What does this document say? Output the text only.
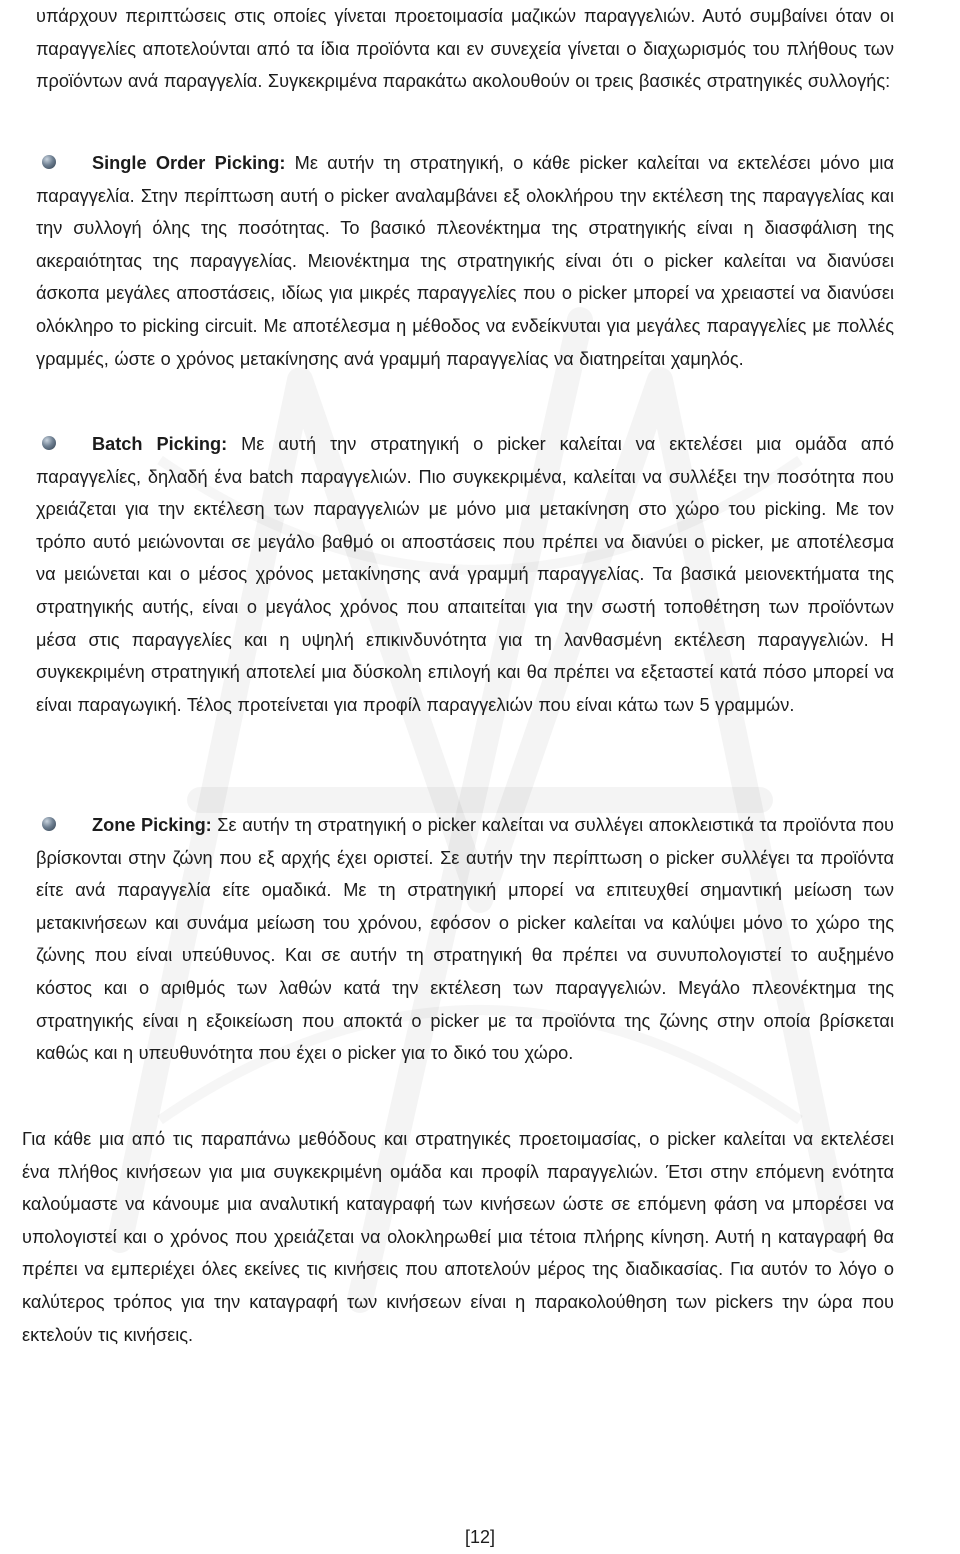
υπάρχουν περιπτώσεις στις οποίες γίνεται προετοιμασία μαζικών παραγγελιών. Αυτό συμβαίνει όταν οι παραγγελίες αποτελούνται από τα ίδια προϊόντα και εν συνεχεία γίνεται ο διαχωρισμός του πλήθους των προϊόντων ανά παραγγελία. Συγκεκριμένα παρακάτω ακολουθούν οι τρεις βασικές στρατηγικές συλλογής:

Single Order Picking: Με αυτήν τη στρατηγική, ο κάθε picker καλείται να εκτελέσει μόνο μια παραγγελία. Στην περίπτωση αυτή ο picker αναλαμβάνει εξ ολοκλήρου την εκτέλεση της παραγγελίας και την συλλογή όλης της ποσότητας. Το βασικό πλεονέκτημα της στρατηγικής είναι η διασφάλιση της ακεραιότητας της παραγγελίας. Μειονέκτημα της στρατηγικής είναι ότι ο picker καλείται να διανύσει άσκοπα μεγάλες αποστάσεις, ιδίως για μικρές παραγγελίες που ο picker μπορεί να χρειαστεί να διανύσει ολόκληρο το picking circuit. Με αποτέλεσμα η μέθοδος να ενδείκνυται για μεγάλες παραγγελίες με πολλές γραμμές, ώστε ο χρόνος μετακίνησης ανά γραμμή παραγγελίας να διατηρείται χαμηλός.

Batch Picking: Με αυτή την στρατηγική ο picker καλείται να εκτελέσει μια ομάδα από παραγγελίες, δηλαδή ένα batch παραγγελιών. Πιο συγκεκριμένα, καλείται να συλλέξει την ποσότητα που χρειάζεται για την εκτέλεση των παραγγελιών με μόνο μια μετακίνηση στο χώρο του picking. Με τον τρόπο αυτό μειώνονται σε μεγάλο βαθμό οι αποστάσεις που πρέπει να διανύει ο picker, με αποτέλεσμα να μειώνεται και ο μέσος χρόνος μετακίνησης ανά γραμμή παραγγελίας. Τα βασικά μειονεκτήματα της στρατηγικής αυτής, είναι ο μεγάλος χρόνος που απαιτείται για την σωστή τοποθέτηση των προϊόντων μέσα στις παραγγελίες και η υψηλή επικινδυνότητα για τη λανθασμένη εκτέλεση παραγγελιών. Η συγκεκριμένη στρατηγική αποτελεί μια δύσκολη επιλογή και θα πρέπει να εξεταστεί κατά πόσο μπορεί να είναι παραγωγική. Τέλος προτείνεται για προφίλ παραγγελιών που είναι κάτω των 5 γραμμών.

Zone Picking: Σε αυτήν τη στρατηγική ο picker καλείται να συλλέγει αποκλειστικά τα προϊόντα που βρίσκονται στην ζώνη που εξ αρχής έχει οριστεί. Σε αυτήν την περίπτωση ο picker συλλέγει τα προϊόντα είτε ανά παραγγελία είτε ομαδικά. Με τη στρατηγική μπορεί να επιτευχθεί σημαντική μείωση των μετακινήσεων και συνάμα μείωση του χρόνου, εφόσον ο picker καλείται να καλύψει μόνο το χώρο της ζώνης που είναι υπεύθυνος. Και σε αυτήν τη στρατηγική θα πρέπει να συνυπολογιστεί το αυξημένο κόστος και ο αριθμός των λαθών κατά την εκτέλεση των παραγγελιών. Μεγάλο πλεονέκτημα της στρατηγικής είναι η εξοικείωση που αποκτά ο picker με τα προϊόντα της ζώνης στην οποία βρίσκεται καθώς και η υπευθυνότητα που έχει ο picker για το δικό του χώρο.

Για κάθε μια από τις παραπάνω μεθόδους και στρατηγικές προετοιμασίας, ο picker καλείται να εκτελέσει ένα πλήθος κινήσεων για μια συγκεκριμένη ομάδα και προφίλ παραγγελιών. Έτσι στην επόμενη ενότητα καλούμαστε να κάνουμε μια αναλυτική καταγραφή των κινήσεων ώστε σε επόμενη φάση να μπορέσει να υπολογιστεί και ο χρόνος που χρειάζεται να ολοκληρωθεί μια τέτοια πλήρης κίνηση. Αυτή η καταγραφή θα πρέπει να εμπεριέχει όλες εκείνες τις κινήσεις που αποτελούν μέρος της διαδικασίας. Για αυτόν το λόγο ο καλύτερος τρόπος για την καταγραφή των κινήσεων είναι η παρακολούθηση των pickers την ώρα που εκτελούν τις κινήσεις.

[12]
